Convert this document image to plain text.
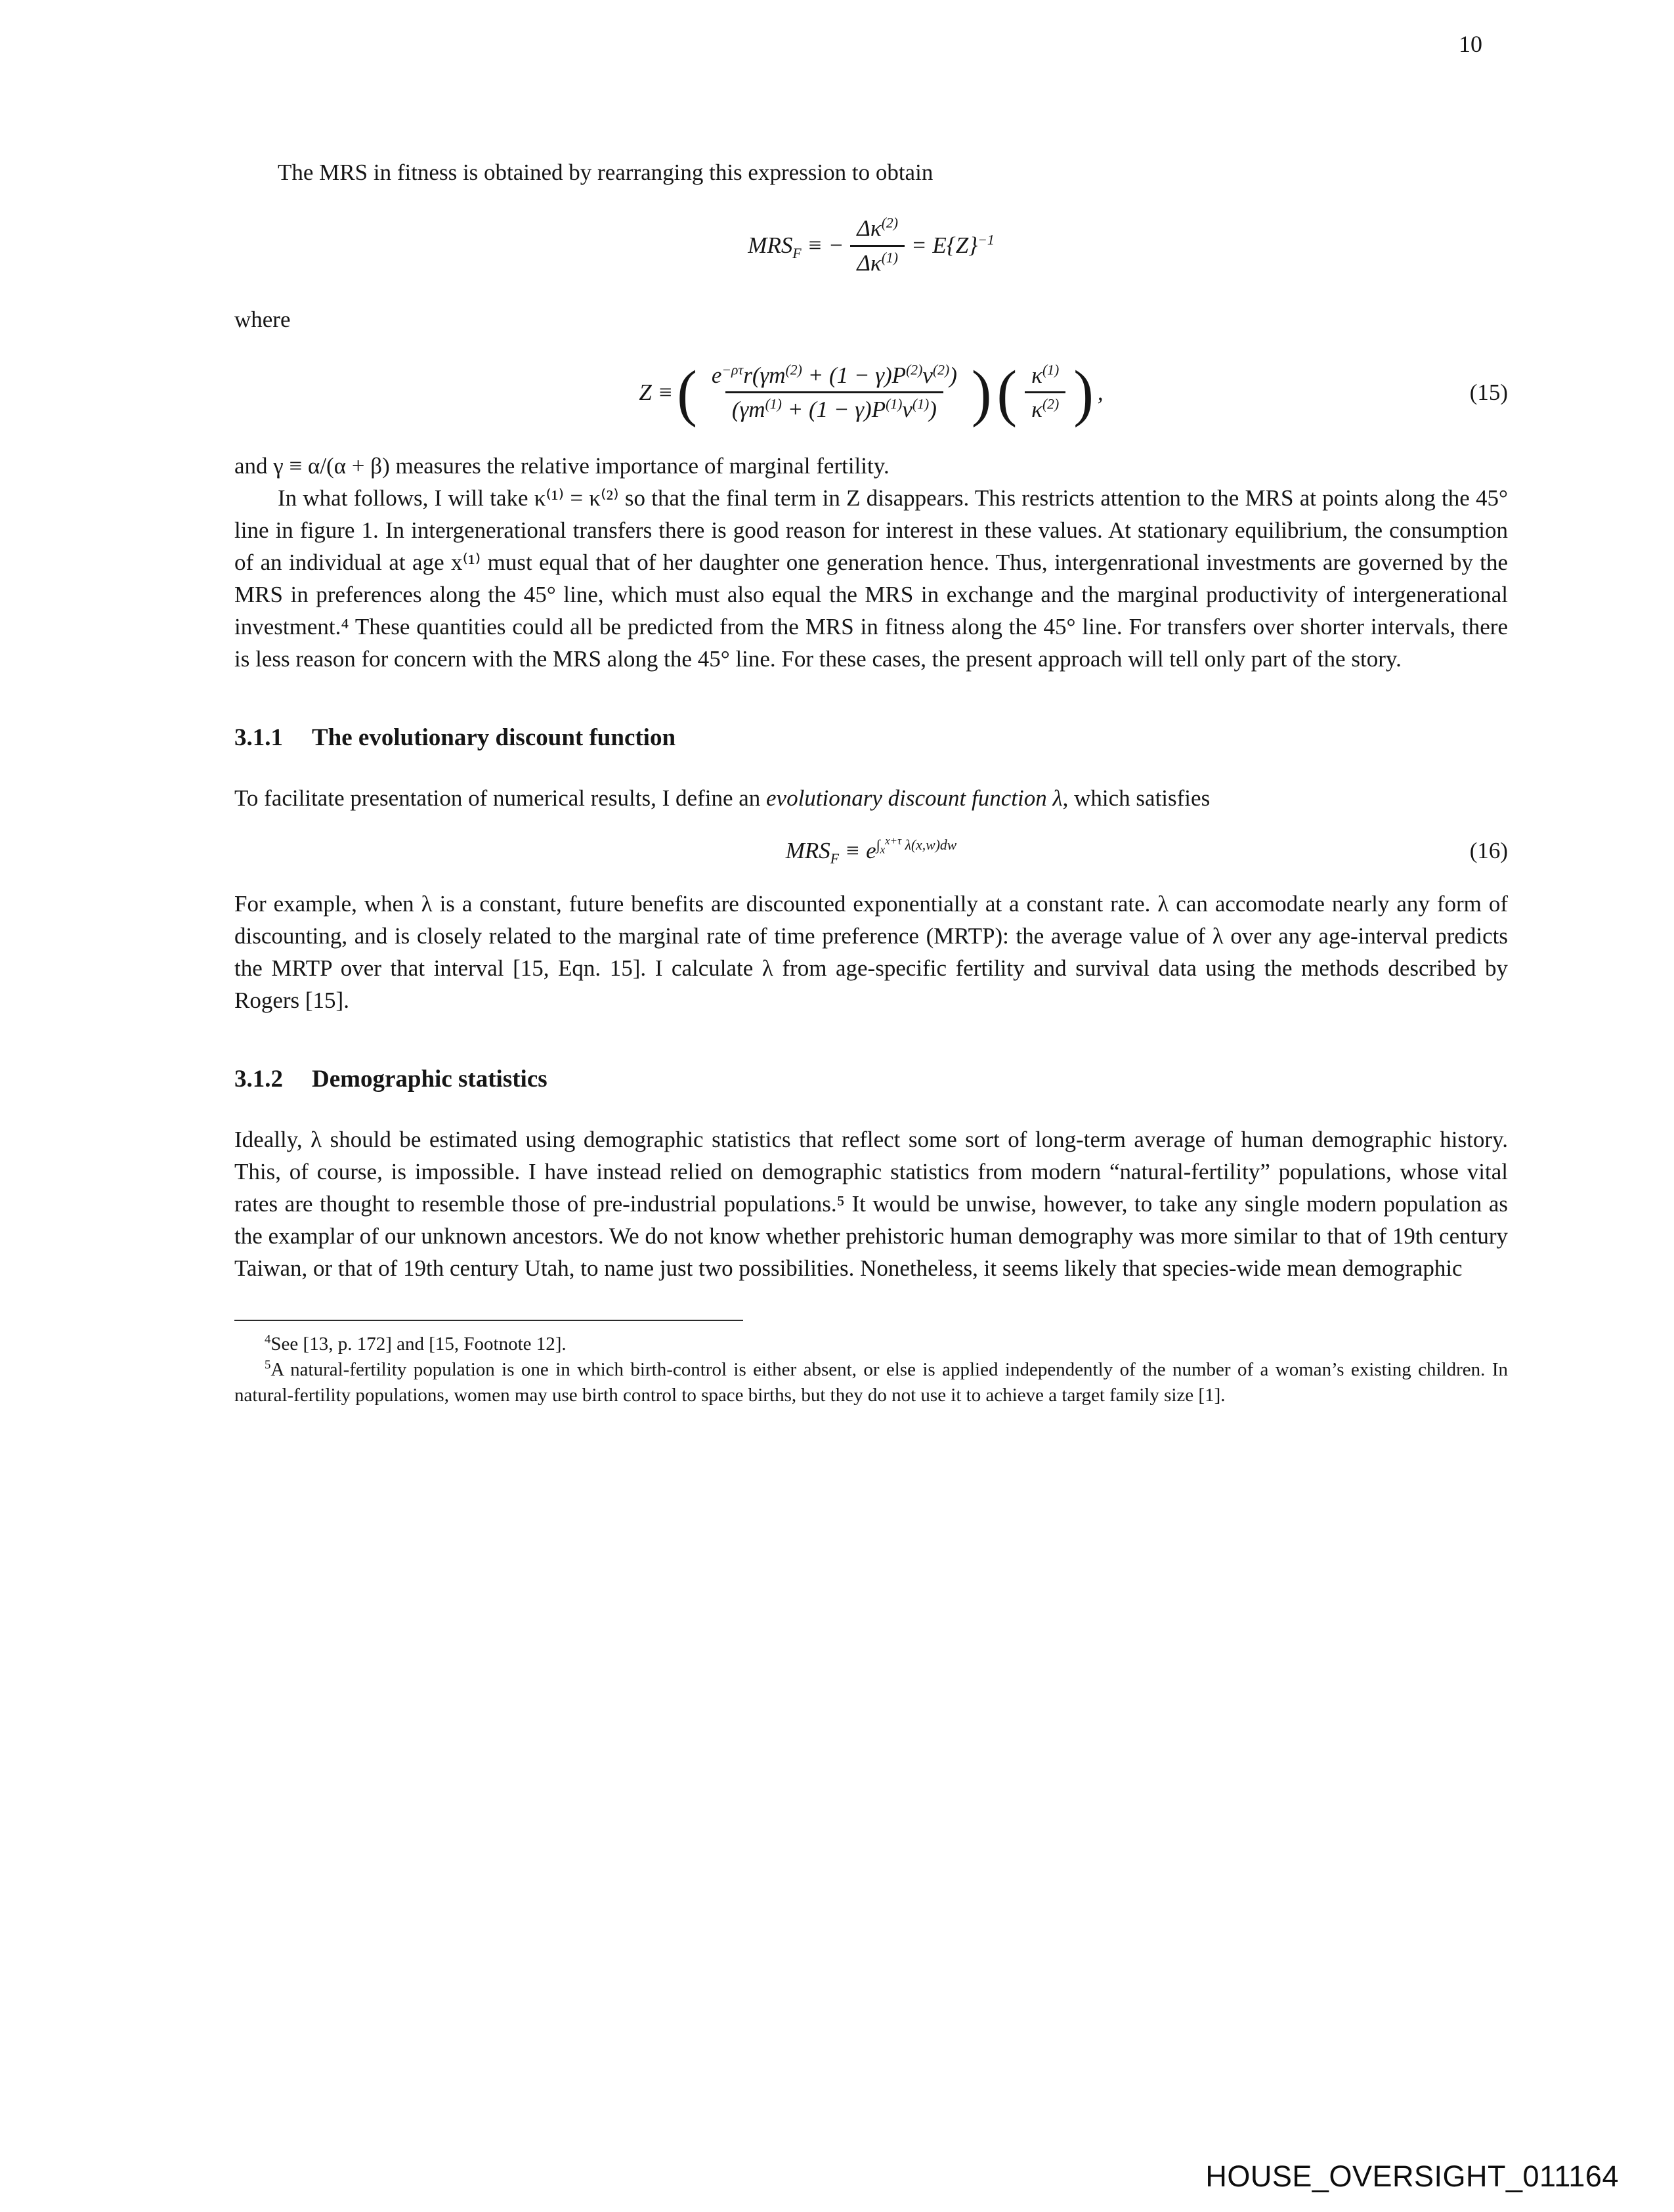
10

The MRS in fitness is obtained by rearranging this expression to obtain

$MRS_F$ ≡ − $\frac{\Delta\kappa^{(2)}}{\Delta\kappa^{(1)}} = E\{Z\}^{-1}$

where

Z ≡ ( $\frac{e^{-\rho\tau}r(\gamma m^{(2)} + (1 - \gamma)P^{(2)}v^{(2)})}{(\gamma m^{(1)} + (1 - \gamma)P^{(1)}v^{(1)})}$ ) ( $\frac{\kappa^{(1)}}{\kappa^{(2)}}$ ) ,	(15)

and γ ≡ α/(α + β) measures the relative importance of marginal fertility.

In what follows, I will take κ⁽¹⁾ = κ⁽²⁾ so that the final term in Z disappears. This restricts attention to the MRS at points along the 45° line in figure 1. In intergenerational transfers there is good reason for interest in these values. At stationary equilibrium, the consumption of an individual at age x⁽¹⁾ must equal that of her daughter one generation hence. Thus, intergenrational investments are governed by the MRS in preferences along the 45° line, which must also equal the MRS in exchange and the marginal productivity of intergenerational investment.⁴ These quantities could all be predicted from the MRS in fitness along the 45° line. For transfers over shorter intervals, there is less reason for concern with the MRS along the 45° line. For these cases, the present approach will tell only part of the story.

3.1.1 The evolutionary discount function

To facilitate presentation of numerical results, I define an evolutionary discount function λ, which satisfies

$MRS_F \equiv e^{\int_x^{x+\tau} \lambda(x,w)dw}$	(16)

For example, when λ is a constant, future benefits are discounted exponentially at a constant rate. λ can accomodate nearly any form of discounting, and is closely related to the marginal rate of time preference (MRTP): the average value of λ over any age-interval predicts the MRTP over that interval [15, Eqn. 15]. I calculate λ from age-specific fertility and survival data using the methods described by Rogers [15].

3.1.2 Demographic statistics

Ideally, λ should be estimated using demographic statistics that reflect some sort of long-term average of human demographic history. This, of course, is impossible. I have instead relied on demographic statistics from modern “natural-fertility” populations, whose vital rates are thought to resemble those of pre-industrial populations.⁵ It would be unwise, however, to take any single modern population as the examplar of our unknown ancestors. We do not know whether prehistoric human demography was more similar to that of 19th century Taiwan, or that of 19th century Utah, to name just two possibilities. Nonetheless, it seems likely that species-wide mean demographic

$^4$See [13, p. 172] and [15, Footnote 12].

$^5$A natural-fertility population is one in which birth-control is either absent, or else is applied independently of the number of a woman’s existing children. In natural-fertility populations, women may use birth control to space births, but they do not use it to achieve a target family size [1].

HOUSE_OVERSIGHT_011164
